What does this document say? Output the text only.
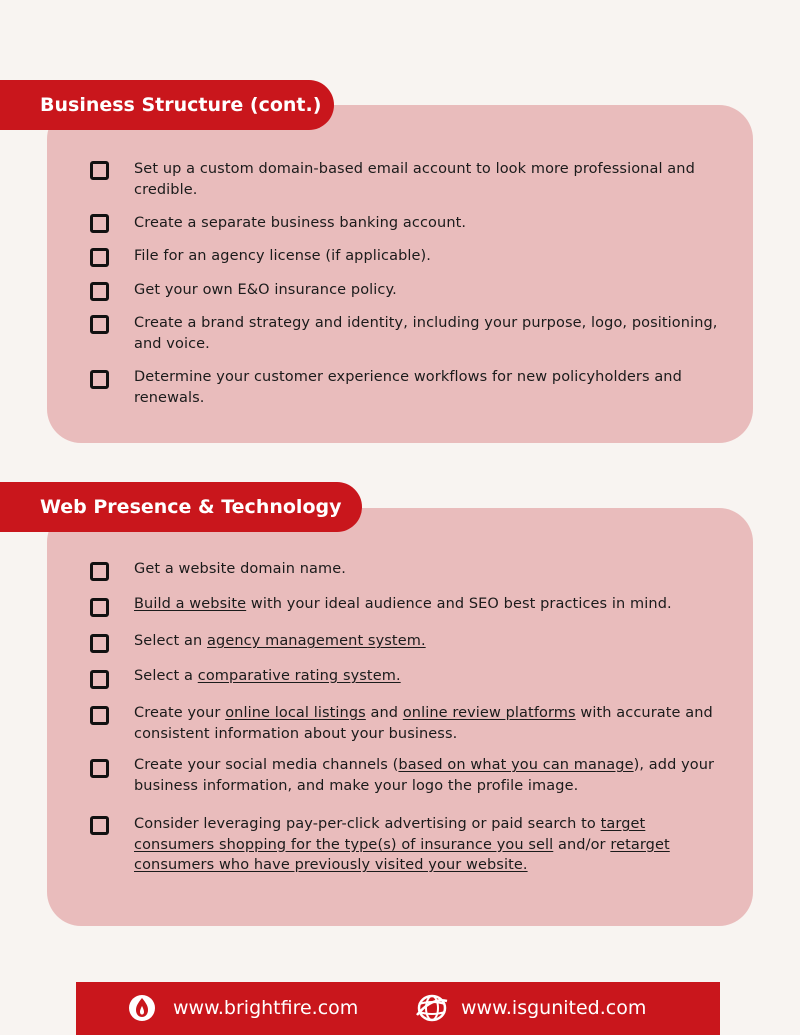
Business Structure (cont.)
Set up a custom domain-based email account to look more professional and credible.
Create a separate business banking account.
File for an agency license (if applicable).
Get your own E&O insurance policy.
Create a brand strategy and identity, including your purpose, logo, positioning, and voice.
Determine your customer experience workflows for new policyholders and renewals.
Web Presence & Technology
Get a website domain name.
Build a website with your ideal audience and SEO best practices in mind.
Select an agency management system.
Select a comparative rating system.
Create your online local listings and online review platforms with accurate and consistent information about your business.
Create your social media channels (based on what you can manage), add your business information, and make your logo the profile image.
Consider leveraging pay-per-click advertising or paid search to target consumers shopping for the type(s) of insurance you sell and/or retarget consumers who have previously visited your website.
www.brightfire.com	www.isgunited.com
